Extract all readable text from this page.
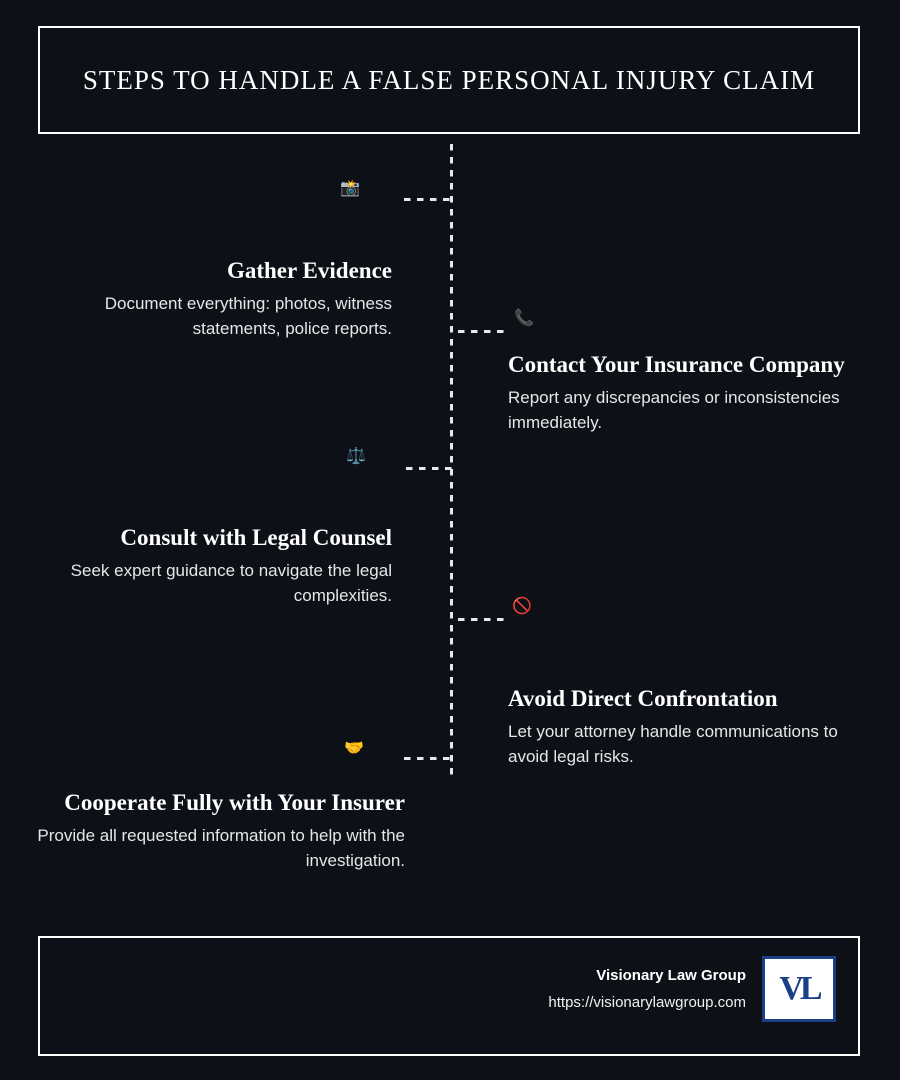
STEPS TO HANDLE A FALSE PERSONAL INJURY CLAIM
📸
📞
⚖️
🚫
🤝

Gather Evidence

Document everything: photos, witness statements, police reports.

Contact Your Insurance Company

Report any discrepancies or inconsistencies immediately.

Consult with Legal Counsel

Seek expert guidance to navigate the legal complexities.

Avoid Direct Confrontation

Let your attorney handle communications to avoid legal risks.

Cooperate Fully with Your Insurer

Provide all requested information to help with the investigation.

Visionary Law Group

https://visionarylawgroup.com VL
